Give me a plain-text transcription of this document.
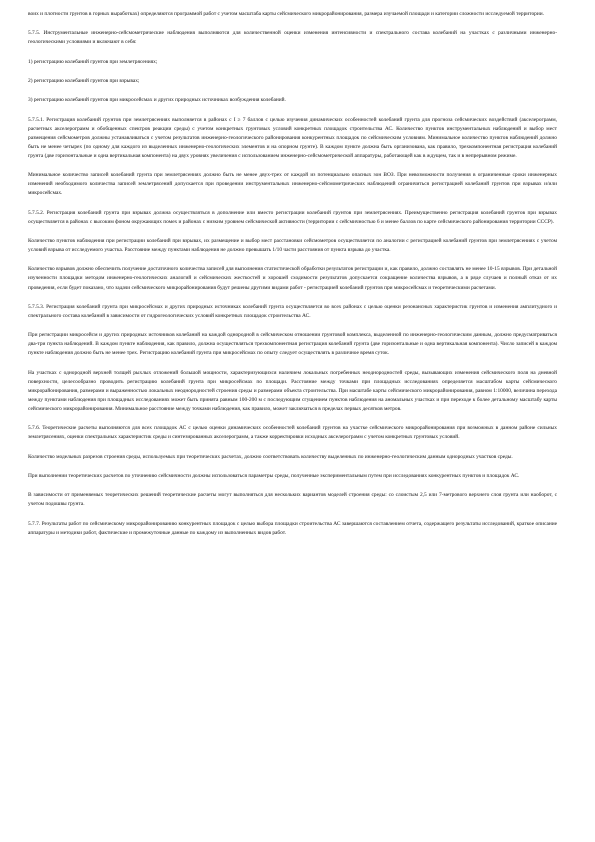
воих и плотности грунтов в горных выработках) определяются программой работ с учетом масштаба карты сейсмического микрорайонирования, размера изучаемой площади и категории сложности исследуемой территории.

5.7.5. Инструментальные инженерно-сейсмометрические наблюдения выполняются для количественной оценки изменения интенсивности и спектрального состава колебаний на участках с различными инженерно-геологическими условиями и включают в себя:

1) регистрацию колебаний грунтов при землетрясениях;

2) регистрацию колебаний грунтов при взрывах;

3) регистрацию колебаний грунтов при микросейсмах и других природных источниках возбуждения колебаний.

5.7.5.1. Регистрация колебаний грунтов при землетрясениях выполняется в районах с I ≥ 7 баллов с целью изучения динамических особенностей колебаний грунта для прогноза сейсмических воздействий (акселерограмм, расчетных акселерограмм и обобщенных спектров реакции среды) с учетом конкретных грунтовых условий конкретных площадок строительства АС. Количество пунктов инструментальных наблюдений и выбор мест размещения сейсмометров должны устанавливаться с учетом результатов инженерно-геологического районирования конкурентных площадок по сейсмическим условиям. Минимальное количество пунктов наблюдений должно быть не менее четырех (по одному для каждого из выделенных инженерно-геологических элементов и на опорном грунте). В каждом пункте должна быть организована, как правило, трехкомпонентная регистрация колебаний грунта (две горизонтальные и одна вертикальная компонента) на двух уровнях увеличения с использованием инженерно-сейсмометрической аппаратуры, работающей как в ждущем, так и в непрерывном режиме.

Минимальное количество записей колебаний грунта при землетрясениях должно быть не менее двух-трех от каждой из потенциально опасных зон ВОЗ. При невозможности получения в ограниченные сроки инженерных изменений необходимого количества записей землетрясений допускается при проведении инструментальных инженерно-сейсмометрических наблюдений ограничиться регистрацией колебаний грунтов при взрывах и/или микросейсмах.

5.7.5.2. Регистрация колебаний грунта при взрывах должна осуществляться в дополнение или вместо регистрации колебаний грунтов при землетрясениях. Преимущественно регистрация колебаний грунтов при взрывах осуществляется в районах с высоким фоном окружающих помех и районах с низким уровнем сейсмической активности (территории с сейсмичностью 6 и менее баллов по карте сейсмического районирования территории СССР).

Количество пунктов наблюдения при регистрации колебаний при взрывах, их размещение и выбор мест расстановки сейсмометров осуществляется по аналогии с регистрацией колебаний грунтов при землетрясениях с учетом условий взрыва от исследуемого участка. Расстояние между пунктами наблюдения не должно превышать 1/10 части расстояния от пункта взрыва до участка.

Количество взрывов должно обеспечить получение достаточного количества записей для выполнения статистической обработки результатов регистрации и, как правило, должно составлять не менее 10-15 взрывов. При детальной изученности площадки методом инженерно-геологических аналогий и сейсмических жесткостей и хорошей сходимости результатов допускается сокращение количества взрывов, а в ряде случаев и полный отказ от их проведения, если будет показано, что задачи сейсмического микрорайонирования будут решены другими видами работ - регистрацией колебаний грунтов при микросейсмах и теоретическими расчетами.

5.7.5.3. Регистрация колебаний грунта при микросейсмах и других природных источниках колебаний грунта осуществляется во всех районах с целью оценки резонансных характеристик грунтов и изменения амплитудного и спектрального состава колебаний в зависимости от гидрогеологических условий конкретных площадок строительства АС.

При регистрации микросейсм и других природных источников колебаний на каждой однородной в сейсмическом отношении грунтовой комплекса, выделенной по инженерно-геологическим данным, должно предусматриваться два-три пункта наблюдений. В каждом пункте наблюдения, как правило, должна осуществляться трехкомпонентная регистрация колебаний грунта (две горизонтальные и одна вертикальная компонента). Число записей в каждом пункте наблюдения должно быть не менее трех. Регистрацию колебаний грунта при микросейсмах по опыту следует осуществлять в различное время суток.

На участках с однородной верхней толщей рыхлых отложений большой мощности, характеризующихся наличием локальных погребенных неоднородностей среды, вызывающих изменения сейсмического поля на дневной поверхности, целесообразно проводить регистрацию колебаний грунта при микросейсмах по площади. Расстояние между точками при площадных исследованиях определяется масштабом карты сейсмического микрорайонирования, размерами и выраженностью локальных неоднородностей строения среды и размерами объекта строительства. При масштабе карты сейсмического микрорайонирования, равном 1:10000, величина перехода между пунктами наблюдения при площадных исследованиях может быть принята равным 100-200 м с последующим сгущением пунктов наблюдения на аномальных участках и при переходе к более детальному масштабу карты сейсмического микрорайонирования. Минимальное расстояние между точками наблюдения, как правило, может заключаться в пределах первых десятков метров.

5.7.6. Теоретические расчеты выполняются для всех площадок АС с целью оценки динамических особенностей колебаний грунтов на участке сейсмического микрорайонирования при возможных в данном районе сильных землетрясениях, оценки спектральных характеристик среды и синтезированных акселерограмм, а также корректировки исходных акселерограмм с учетом конкретных грунтовых условий.

Количество модельных разрезов строения среды, используемых при теоретических расчетах, должно соответствовать количеству выделенных по инженерно-геологическим данным однородных участков среды.

При выполнении теоретических расчетов по уточнению сейсмичности должны использоваться параметры среды, полученные экспериментальным путем при исследованиях конкурентных пунктов и площадок АС.

В зависимости от применяемых теоретических решений теоретические расчеты могут выполняться для нескольких вариантов моделей строения среды: со слоистым 2,5 или 7-метрового верхнего слоя грунта или наоборот, с учетом подошвы грунта.

5.7.7. Результаты работ по сейсмическому микрорайонированию конкурентных площадок с целью выбора площадки строительства АС завершаются составлением отчета, содержащего результаты исследований, краткое описание аппаратуры и методики работ, фактические и промежуточные данные по каждому из выполненных видов работ.
